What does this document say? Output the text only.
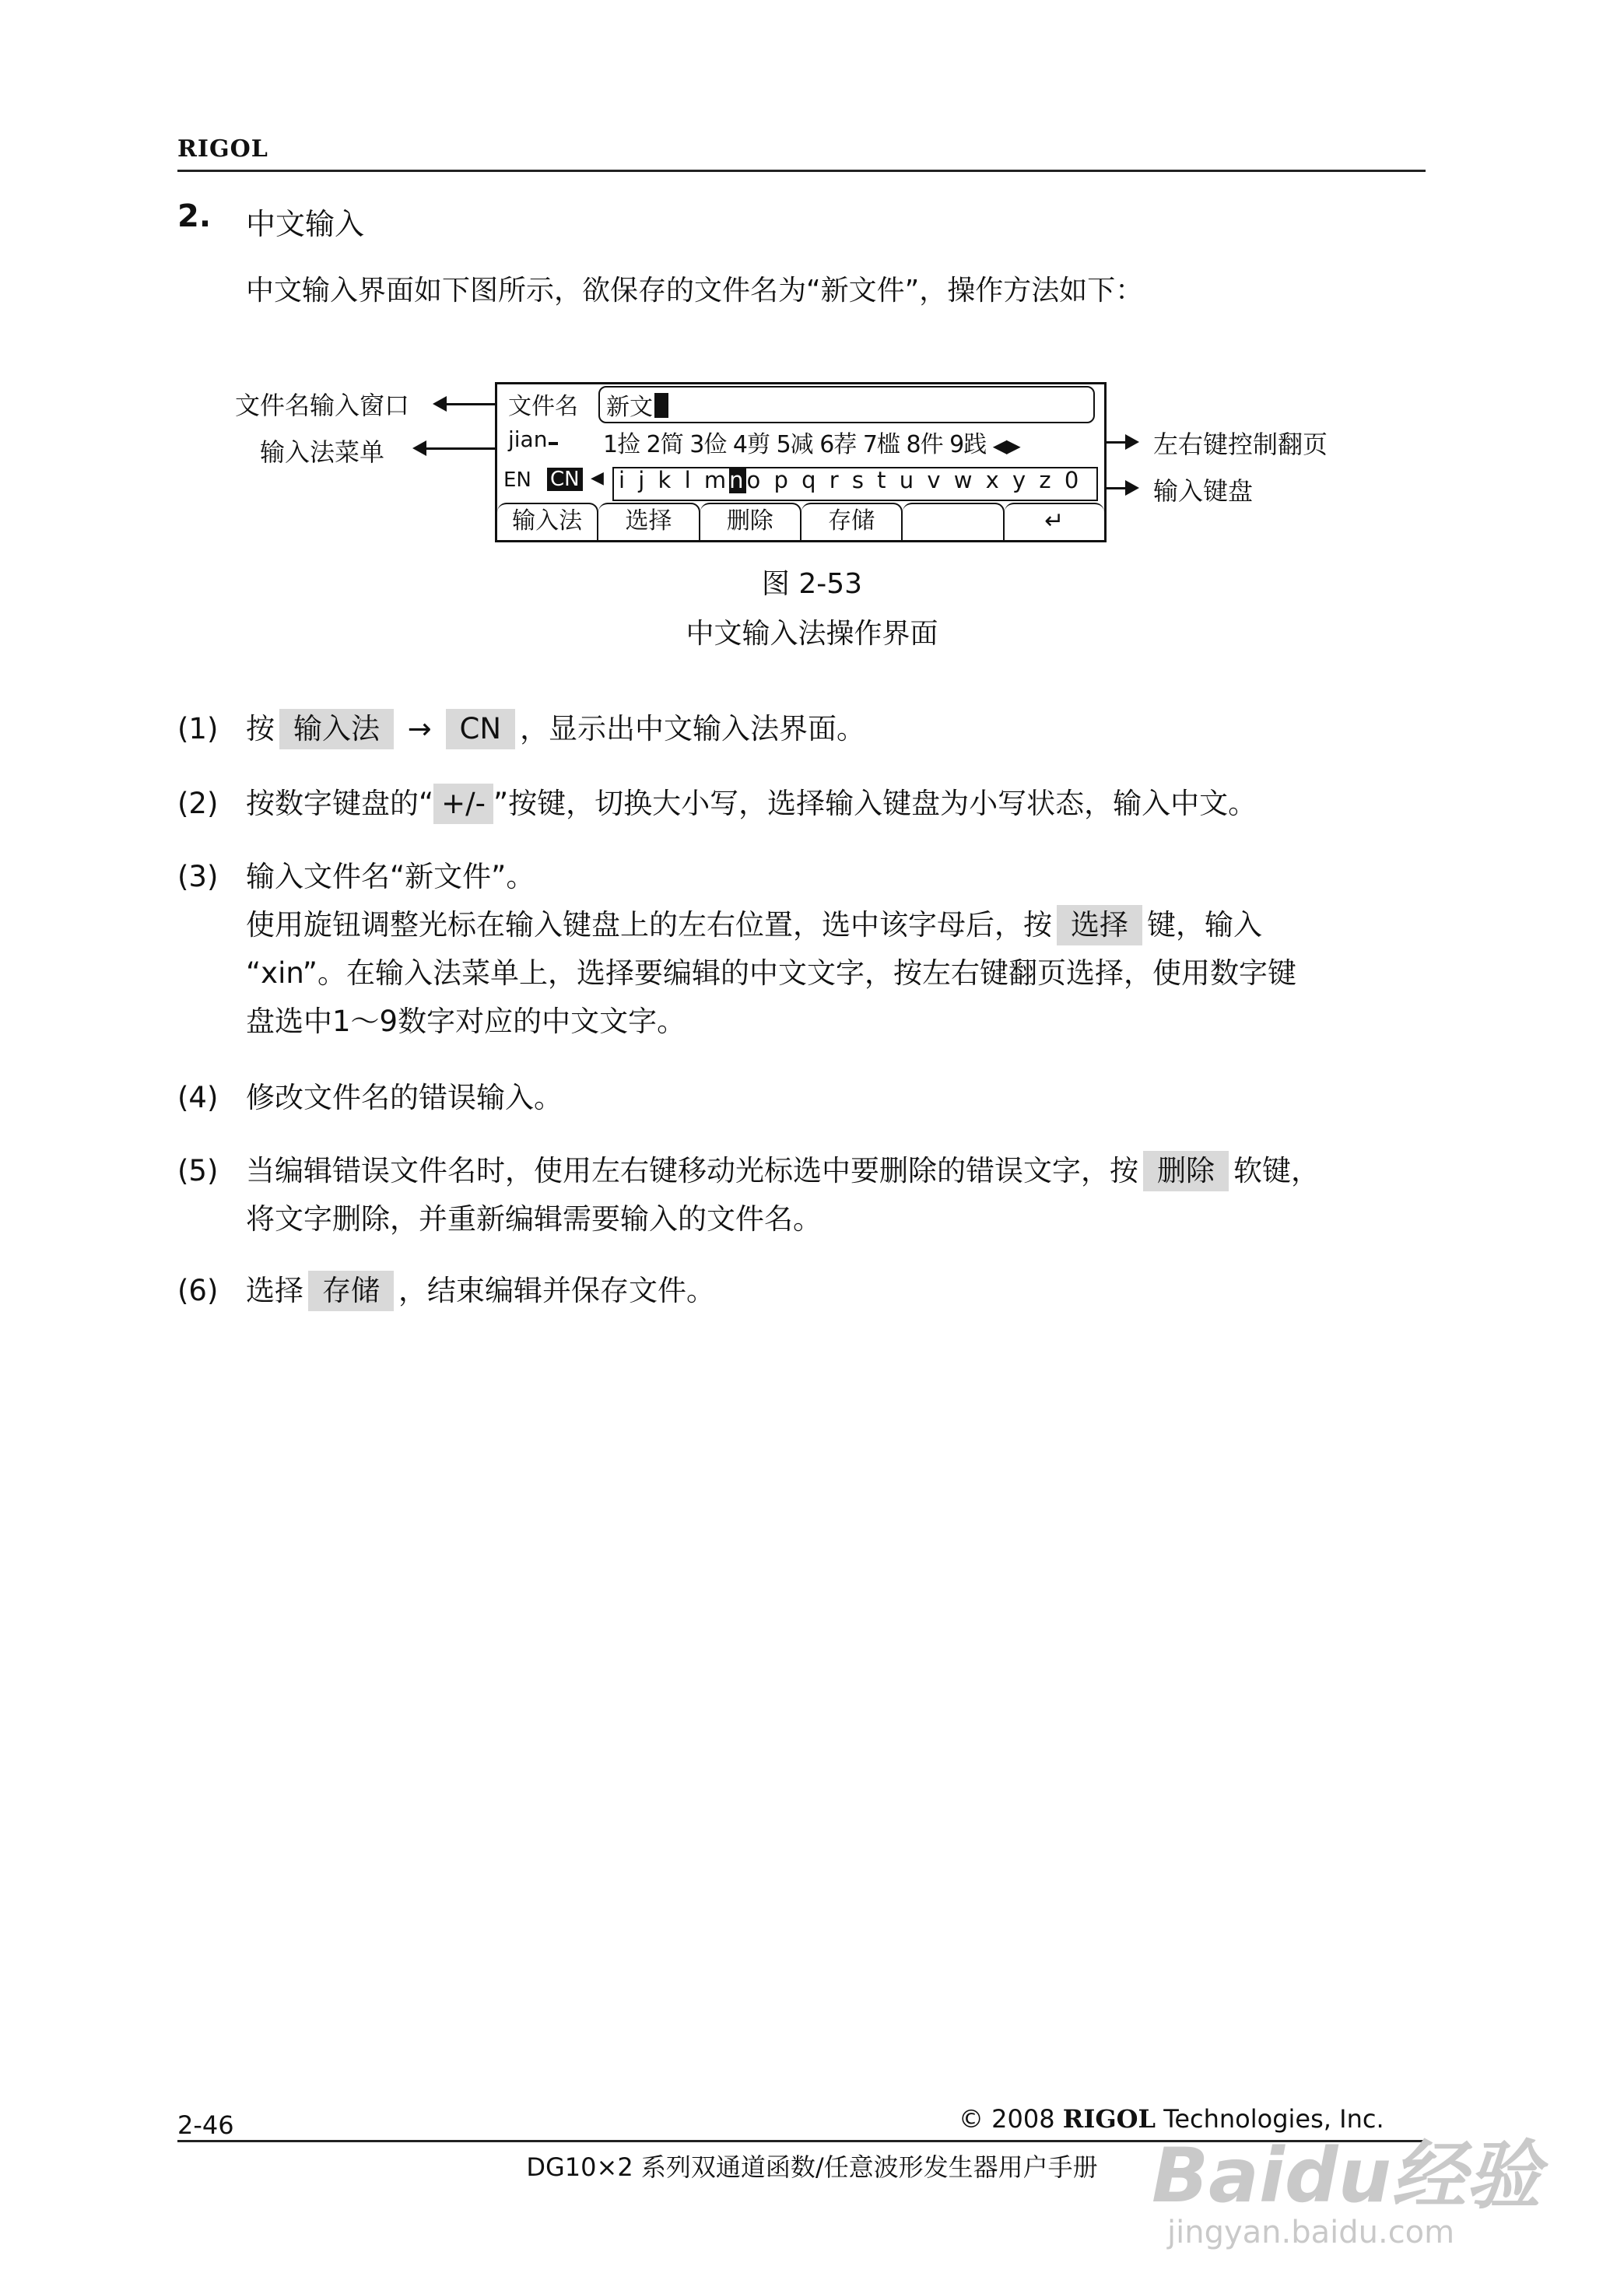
RIGOL
2. 中文输入
中文输入界面如下图所示，欲保存的文件名为“新文件”，操作方法如下：
文件名输入窗口
输入法菜单	左右键控制翻页
输入键盘
文件名 新文
jian	1捡 2简 3俭 4剪 5减 6荐 7槛 8件 9践 ◀▶
EN CN ◀ i j k l mno p q r s t u v w x y z 0
输入法	选择	删除	存储	↵
图 2-53
中文输入法操作界面
(1) 按 输入法 → CN ，显示出中文输入法界面。
(2) 按数字键盘的“ +/- ”按键，切换大小写，选择输入键盘为小写状态，输入中文。
(3) 输入文件名“新文件”。
使用旋钮调整光标在输入键盘上的左右位置，选中该字母后，按 选择 键，输入
“xin”。在输入法菜单上，选择要编辑的中文文字，按左右键翻页选择，使用数字键
盘选中1～9数字对应的中文文字。
(4) 修改文件名的错误输入。
(5) 当编辑错误文件名时，使用左右键移动光标选中要删除的错误文字，按 删除 软键，
将文字删除，并重新编辑需要输入的文件名。
(6) 选择 存储 ，结束编辑并保存文件。
2-46	© 2008 RIGOL Technologies, Inc.
DG10×2 系列双通道函数/任意波形发生器用户手册 Baidu经验
jingyan.baidu.com
